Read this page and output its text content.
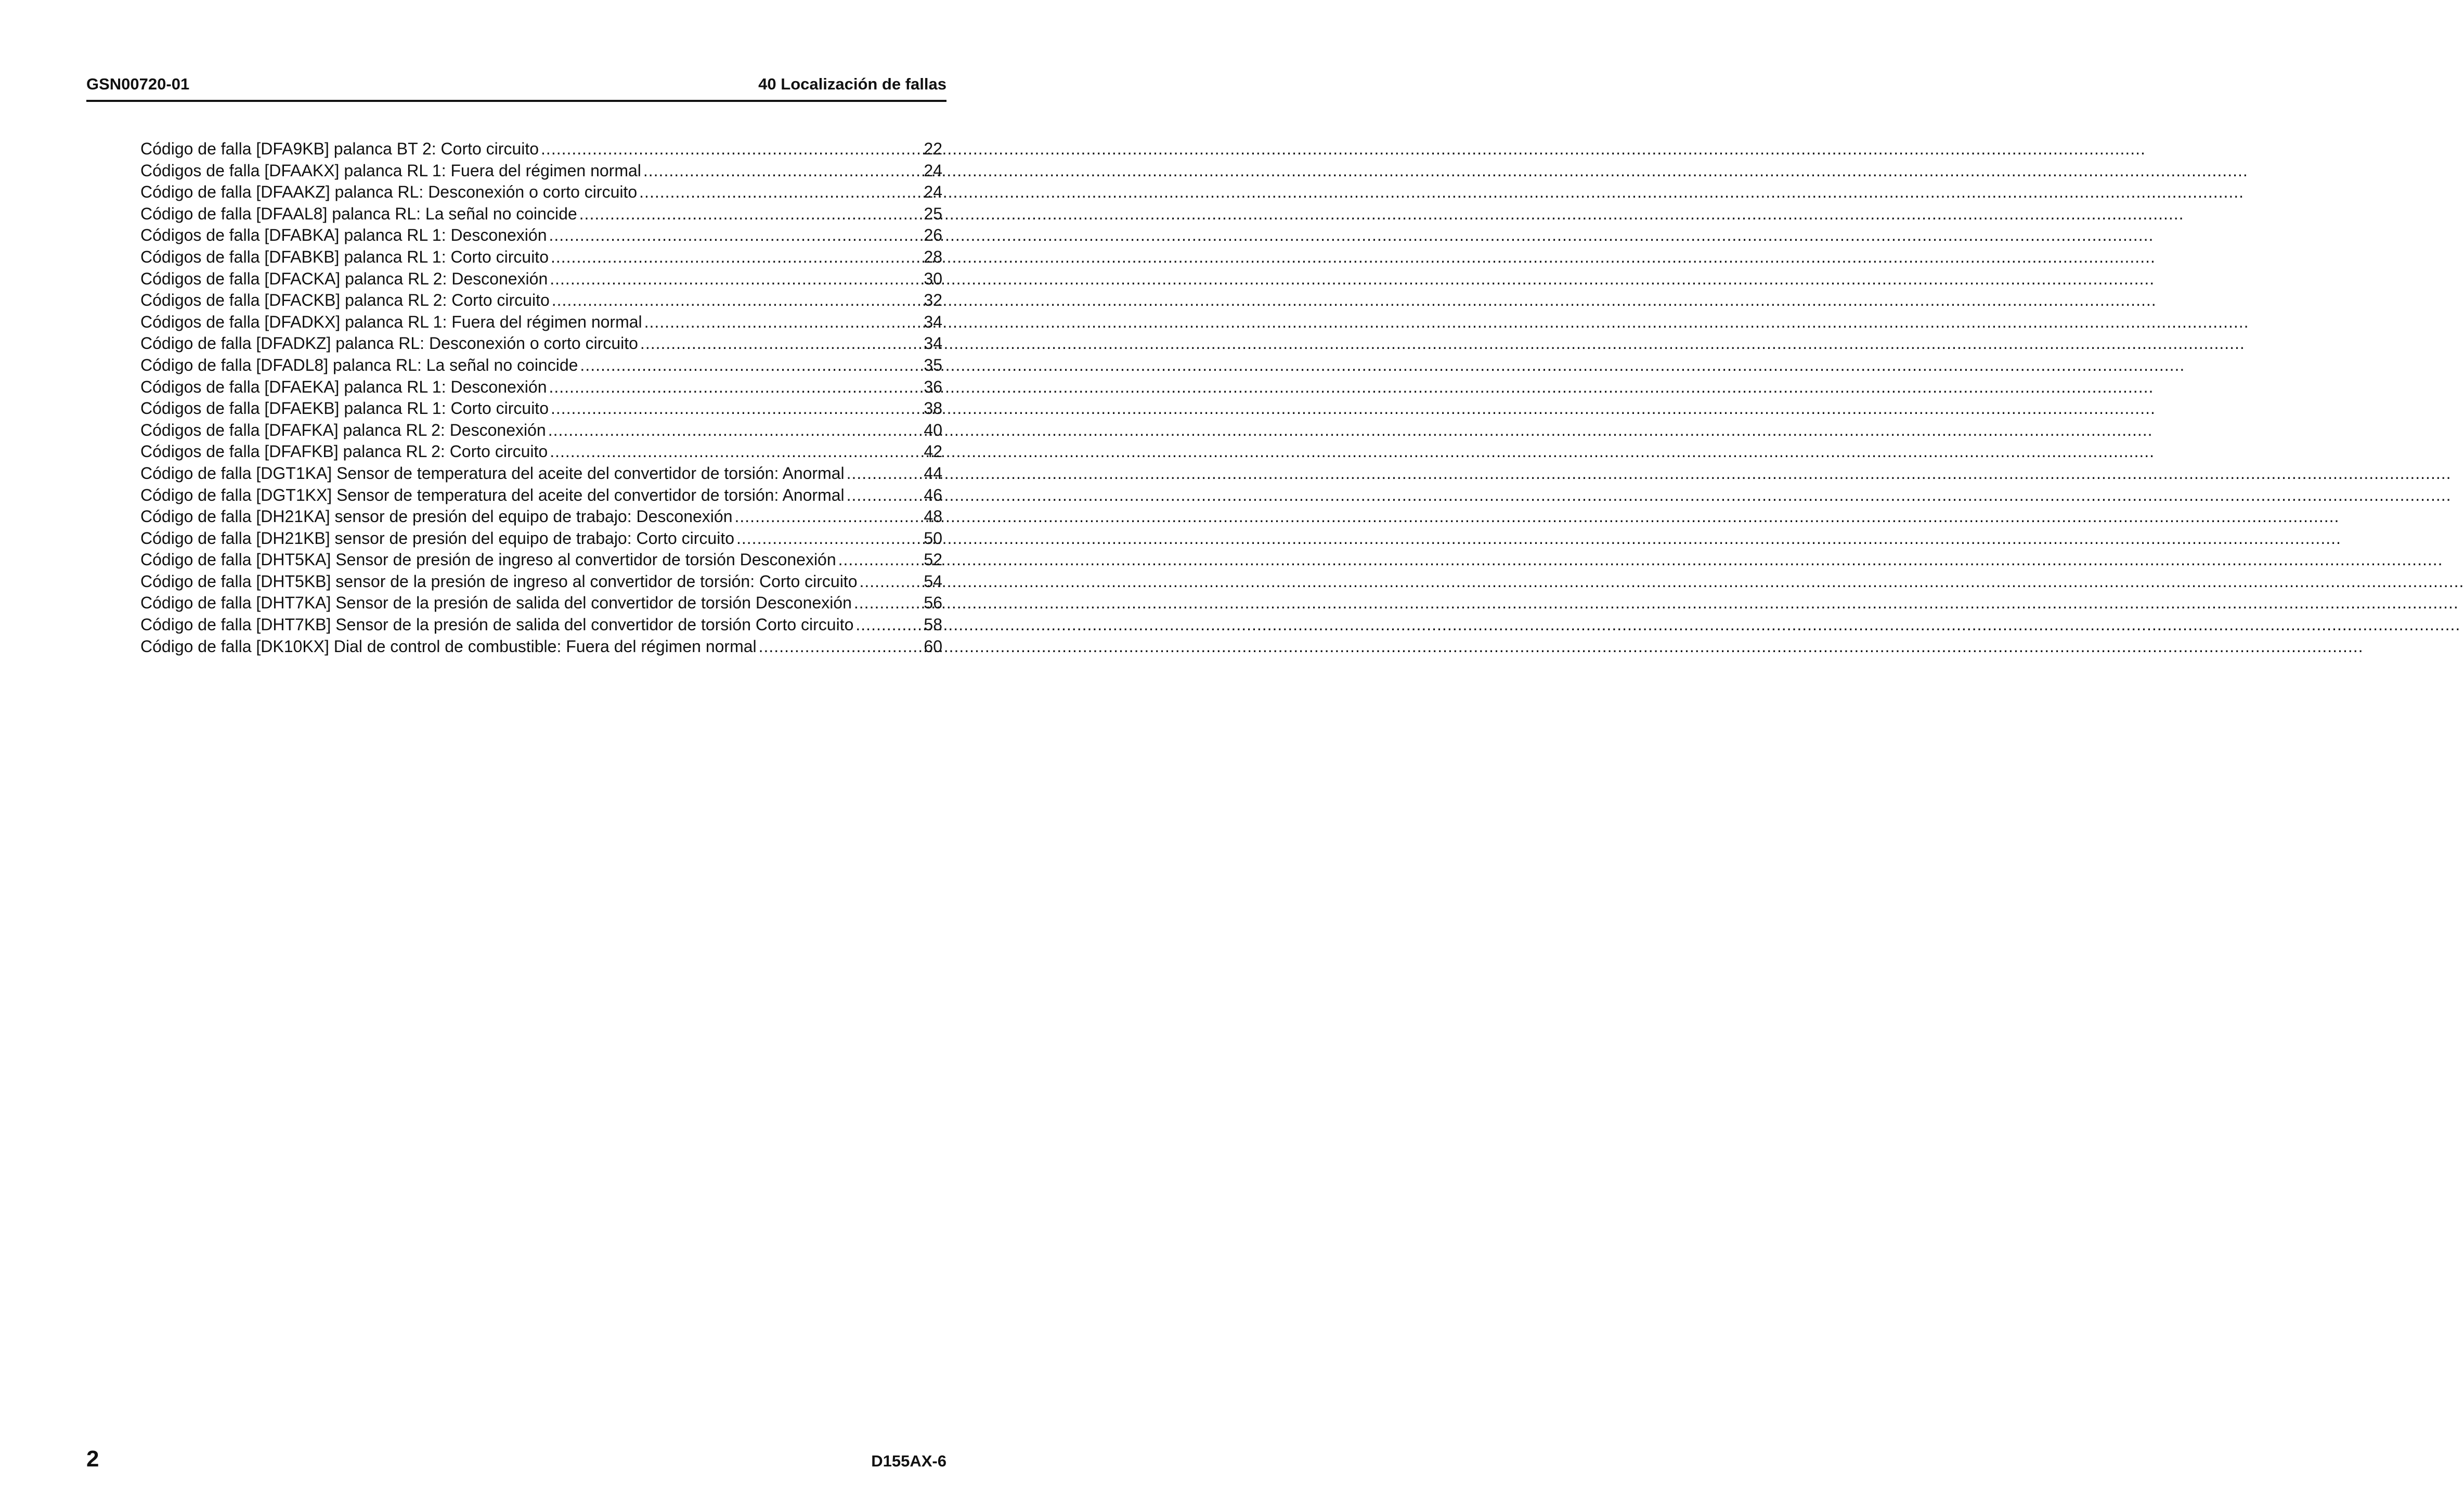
GSN00720-01	40 Localización de fallas
Código de falla [DFA9KB] palanca BT 2: Corto circuito .....	22
Códigos de falla [DFAAKX] palanca RL 1: Fuera del régimen normal .....	24
Código de falla [DFAAKZ] palanca RL: Desconexión o corto circuito .....	24
Código de falla [DFAAL8] palanca RL: La señal no coincide .....	25
Códigos de falla [DFABKA] palanca RL 1: Desconexión .....	26
Códigos de falla [DFABKB] palanca RL 1: Corto circuito .....	28
Códigos de falla [DFACKA] palanca RL 2: Desconexión .....	30
Códigos de falla [DFACKB] palanca RL 2: Corto circuito .....	32
Códigos de falla [DFADKX] palanca RL 1: Fuera del régimen normal .....	34
Código de falla [DFADKZ] palanca RL: Desconexión o corto circuito .....	34
Código de falla [DFADL8] palanca RL: La señal no coincide .....	35
Códigos de falla [DFAEKA] palanca RL 1: Desconexión .....	36
Códigos de falla [DFAEKB] palanca RL 1: Corto circuito .....	38
Códigos de falla [DFAFKA] palanca RL 2: Desconexión .....	40
Códigos de falla [DFAFKB] palanca RL 2: Corto circuito .....	42
Código de falla [DGT1KA] Sensor de temperatura del aceite del convertidor de torsión: Anormal .....	44
Código de falla [DGT1KX] Sensor de temperatura del aceite del convertidor de torsión: Anormal .....	46
Código de falla [DH21KA] sensor de presión del equipo de trabajo: Desconexión .....	48
Código de falla [DH21KB] sensor de presión del equipo de trabajo: Corto circuito .....	50
Código de falla [DHT5KA] Sensor de presión de ingreso al convertidor de torsión Desconexión .....	52
Código de falla [DHT5KB] sensor de la presión de ingreso al convertidor de torsión: Corto circuito .....	54
Código de falla [DHT7KA] Sensor de la presión de salida del convertidor de torsión Desconexión .....	56
Código de falla [DHT7KB] Sensor de la presión de salida del convertidor de torsión Corto circuito .....	58
Código de falla [DK10KX] Dial de control de combustible: Fuera del régimen normal .....	60
2	D155AX-6
